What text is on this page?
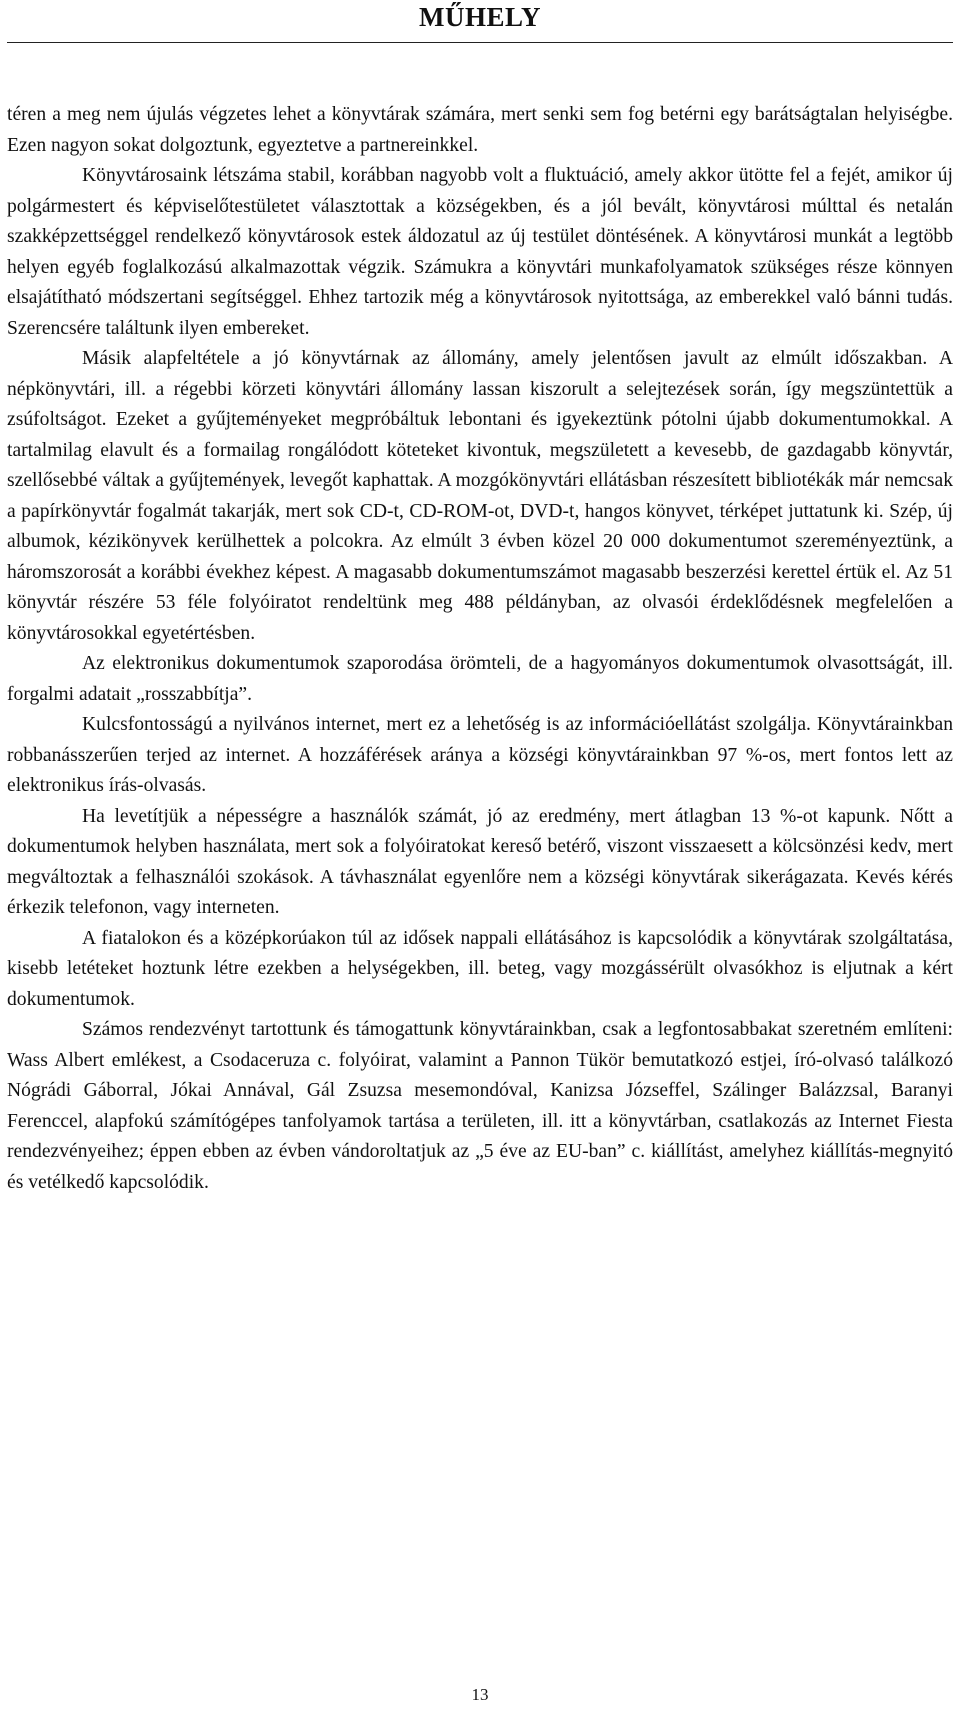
MŰHELY

téren a meg nem újulás végzetes lehet a könyvtárak számára, mert senki sem fog betérni egy barátságtalan helyiségbe. Ezen nagyon sokat dolgoztunk, egyeztetve a partnereinkkel.

Könyvtárosaink létszáma stabil, korábban nagyobb volt a fluktuáció, amely akkor ütötte fel a fejét, amikor új polgármestert és képviselőtestületet választottak a községekben, és a jól bevált, könyvtárosi múlttal és netalán szakképzettséggel rendelkező könyvtárosok estek áldozatul az új testület döntésének. A könyvtárosi munkát a legtöbb helyen egyéb foglalkozású alkalmazottak végzik. Számukra a könyvtári munkafolyamatok szükséges része könnyen elsajátítható módszertani segítséggel. Ehhez tartozik még a könyvtárosok nyitottsága, az emberekkel való bánni tudás. Szerencsére találtunk ilyen embereket.

Másik alapfeltétele a jó könyvtárnak az állomány, amely jelentősen javult az elmúlt időszakban. A népkönyvtári, ill. a régebbi körzeti könyvtári állomány lassan kiszorult a selejtezések során, így megszüntettük a zsúfoltságot. Ezeket a gyűjteményeket megpróbáltuk lebontani és igyekeztünk pótolni újabb dokumentumokkal. A tartalmilag elavult és a formailag rongálódott köteteket kivontuk, megszületett a kevesebb, de gazdagabb könyvtár, szellősebbé váltak a gyűjtemények, levegőt kaphattak. A mozgókönyvtári ellátásban részesített bibliotékák már nemcsak a papírkönyvtár fogalmát takarják, mert sok CD-t, CD-ROM-ot, DVD-t, hangos könyvet, térképet juttatunk ki. Szép, új albumok, kézikönyvek kerülhettek a polcokra. Az elmúlt 3 évben közel 20 000 dokumentumot szereményeztünk, a háromszorosát a korábbi évekhez képest. A magasabb dokumentumszámot magasabb beszerzési kerettel értük el. Az 51 könyvtár részére 53 féle folyóiratot rendeltünk meg 488 példányban, az olvasói érdeklődésnek megfelelően a könyvtárosokkal egyetértésben.

Az elektronikus dokumentumok szaporodása örömteli, de a hagyományos dokumentumok olvasottságát, ill. forgalmi adatait „rosszabbítja”.

Kulcsfontosságú a nyilvános internet, mert ez a lehetőség is az információellátást szolgálja. Könyvtárainkban robbanásszerűen terjed az internet. A hozzáférések aránya a községi könyvtárainkban 97 %-os, mert fontos lett az elektronikus írás-olvasás.

Ha levetítjük a népességre a használók számát, jó az eredmény, mert átlagban 13 %-ot kapunk. Nőtt a dokumentumok helyben használata, mert sok a folyóiratokat kereső betérő, viszont visszaesett a kölcsönzési kedv, mert megváltoztak a felhasználói szokások. A távhasználat egyenlőre nem a községi könyvtárak sikerágazata. Kevés kérés érkezik telefonon, vagy interneten.

A fiatalokon és a középkorúakon túl az idősek nappali ellátásához is kapcsolódik a könyvtárak szolgáltatása, kisebb letéteket hoztunk létre ezekben a helységekben, ill. beteg, vagy mozgássérült olvasókhoz is eljutnak a kért dokumentumok.

Számos rendezvényt tartottunk és támogattunk könyvtárainkban, csak a legfontosabbakat szeretném említeni: Wass Albert emlékest, a Csodaceruza c. folyóirat, valamint a Pannon Tükör bemutatkozó estjei, író-olvasó találkozó Nógrádi Gáborral, Jókai Annával, Gál Zsuzsa mesemondóval, Kanizsa Józseffel, Szálinger Balázzsal, Baranyi Ferenccel, alapfokú számítógépes tanfolyamok tartása a területen, ill. itt a könyvtárban, csatlakozás az Internet Fiesta rendezvényeihez; éppen ebben az évben vándoroltatjuk az „5 éve az EU-ban” c. kiállítást, amelyhez kiállítás-megnyitó és vetélkedő kapcsolódik.

13
